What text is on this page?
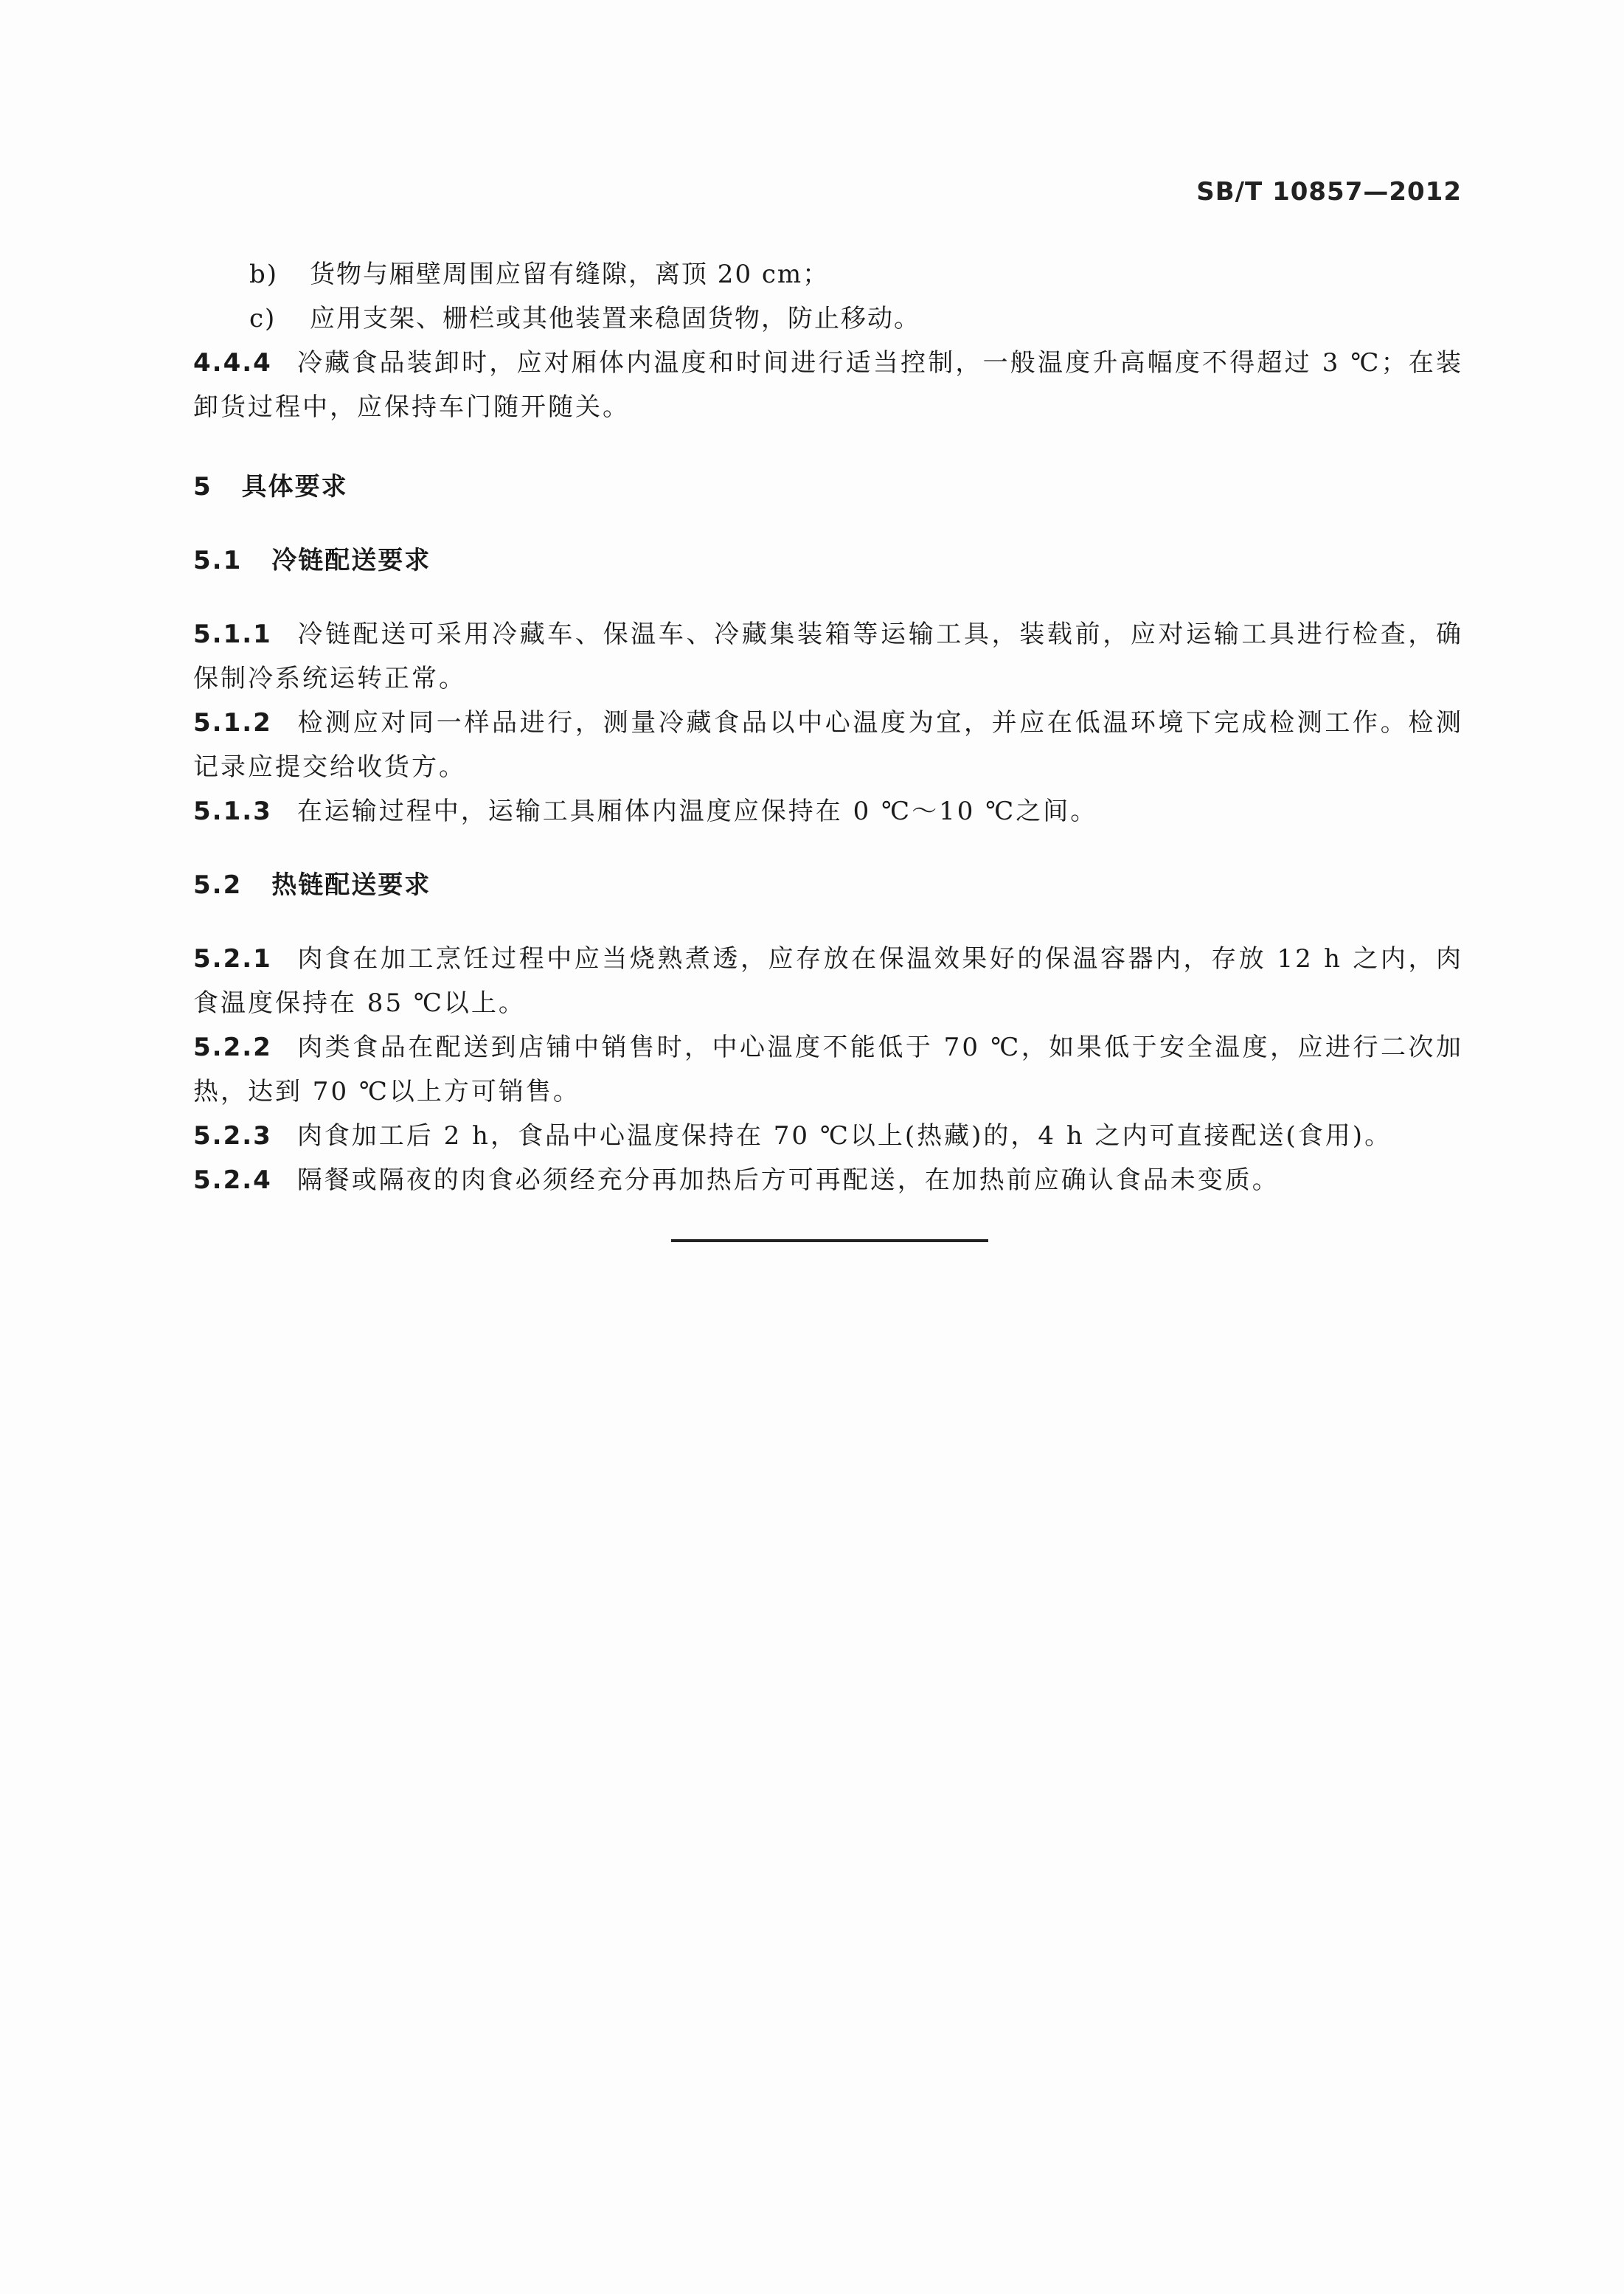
SB/T 10857—2012
b) 货物与厢壁周围应留有缝隙，离顶 20 cm；
c) 应用支架、栅栏或其他装置来稳固货物，防止移动。

4.4.4 冷藏食品装卸时，应对厢体内温度和时间进行适当控制，一般温度升高幅度不得超过 3 ℃；在装卸货过程中，应保持车门随开随关。

5 具体要求
5.1 冷链配送要求

5.1.1 冷链配送可采用冷藏车、保温车、冷藏集装箱等运输工具，装载前，应对运输工具进行检查，确保制冷系统运转正常。

5.1.2 检测应对同一样品进行，测量冷藏食品以中心温度为宜，并应在低温环境下完成检测工作。检测记录应提交给收货方。

5.1.3 在运输过程中，运输工具厢体内温度应保持在 0 ℃～10 ℃之间。

5.2 热链配送要求

5.2.1 肉食在加工烹饪过程中应当烧熟煮透，应存放在保温效果好的保温容器内，存放 12 h 之内，肉食温度保持在 85 ℃以上。

5.2.2 肉类食品在配送到店铺中销售时，中心温度不能低于 70 ℃，如果低于安全温度，应进行二次加热，达到 70 ℃以上方可销售。

5.2.3 肉食加工后 2 h，食品中心温度保持在 70 ℃以上(热藏)的，4 h 之内可直接配送(食用)。

5.2.4 隔餐或隔夜的肉食必须经充分再加热后方可再配送，在加热前应确认食品未变质。
